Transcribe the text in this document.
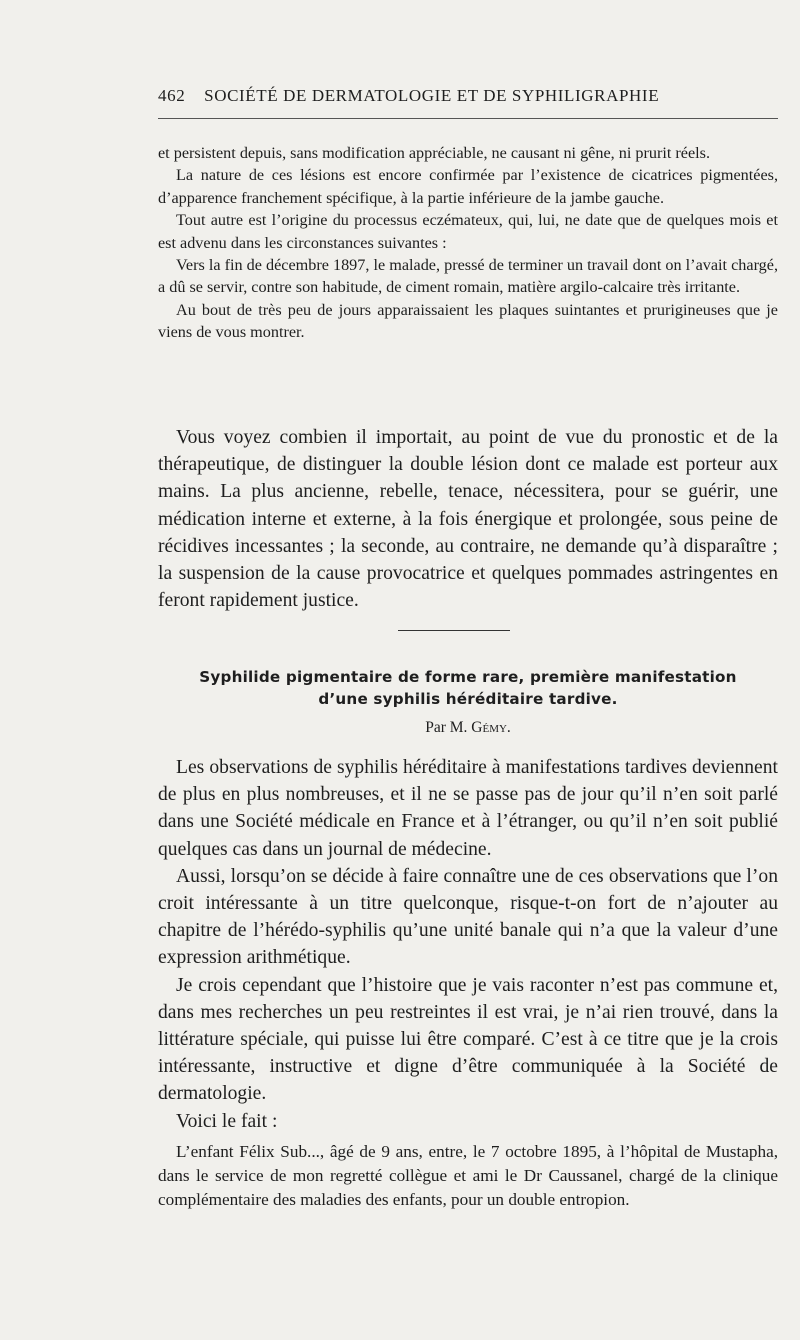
462 SOCIÉTÉ DE DERMATOLOGIE ET DE SYPHILIGRAPHIE

et persistent depuis, sans modification appréciable, ne causant ni gêne, ni prurit réels.

La nature de ces lésions est encore confirmée par l’existence de cicatrices pigmentées, d’apparence franchement spécifique, à la partie inférieure de la jambe gauche.

Tout autre est l’origine du processus eczémateux, qui, lui, ne date que de quelques mois et est advenu dans les circonstances suivantes :

Vers la fin de décembre 1897, le malade, pressé de terminer un travail dont on l’avait chargé, a dû se servir, contre son habitude, de ciment romain, matière argilo-calcaire très irritante.

Au bout de très peu de jours apparaissaient les plaques suintantes et prurigineuses que je viens de vous montrer.

Vous voyez combien il importait, au point de vue du pronostic et de la thérapeutique, de distinguer la double lésion dont ce malade est porteur aux mains. La plus ancienne, rebelle, tenace, nécessitera, pour se guérir, une médication interne et externe, à la fois énergique et prolongée, sous peine de récidives incessantes ; la seconde, au contraire, ne demande qu’à disparaître ; la suspension de la cause provocatrice et quelques pommades astringentes en feront rapidement justice.

Syphilide pigmentaire de forme rare, première manifestation
d’une syphilis héréditaire tardive.
Par M. Gémy.

Les observations de syphilis héréditaire à manifestations tardives deviennent de plus en plus nombreuses, et il ne se passe pas de jour qu’il n’en soit parlé dans une Société médicale en France et à l’étranger, ou qu’il n’en soit publié quelques cas dans un journal de médecine.

Aussi, lorsqu’on se décide à faire connaître une de ces observations que l’on croit intéressante à un titre quelconque, risque-t-on fort de n’ajouter au chapitre de l’hérédo-syphilis qu’une unité banale qui n’a que la valeur d’une expression arithmétique.

Je crois cependant que l’histoire que je vais raconter n’est pas commune et, dans mes recherches un peu restreintes il est vrai, je n’ai rien trouvé, dans la littérature spéciale, qui puisse lui être comparé. C’est à ce titre que je la crois intéressante, instructive et digne d’être communiquée à la Société de dermatologie.

Voici le fait :

L’enfant Félix Sub..., âgé de 9 ans, entre, le 7 octobre 1895, à l’hôpital de Mustapha, dans le service de mon regretté collègue et ami le Dr Caussanel, chargé de la clinique complémentaire des maladies des enfants, pour un double entropion.
